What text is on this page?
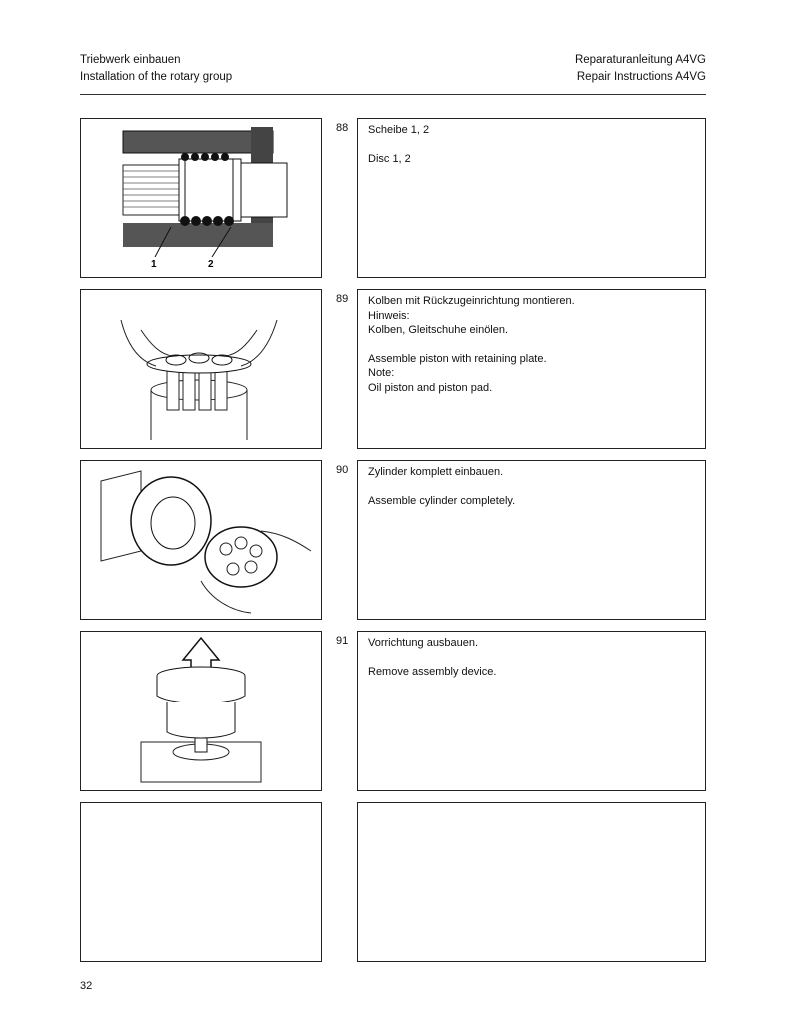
Triebwerk einbauen
Installation of the rotary group
Reparaturanleitung A4VG
Repair Instructions A4VG
1	2
88 Scheibe 1, 2

Disc 1, 2

89 Kolben mit Rückzugeinrichtung montieren.

Hinweis:

Kolben, Gleitschuhe einölen.

Assemble piston with retaining plate.

Note:

Oil piston and piston pad.

90 Zylinder komplett einbauen.

Assemble cylinder completely.

91 Vorrichtung ausbauen.

Remove assembly device.

32
